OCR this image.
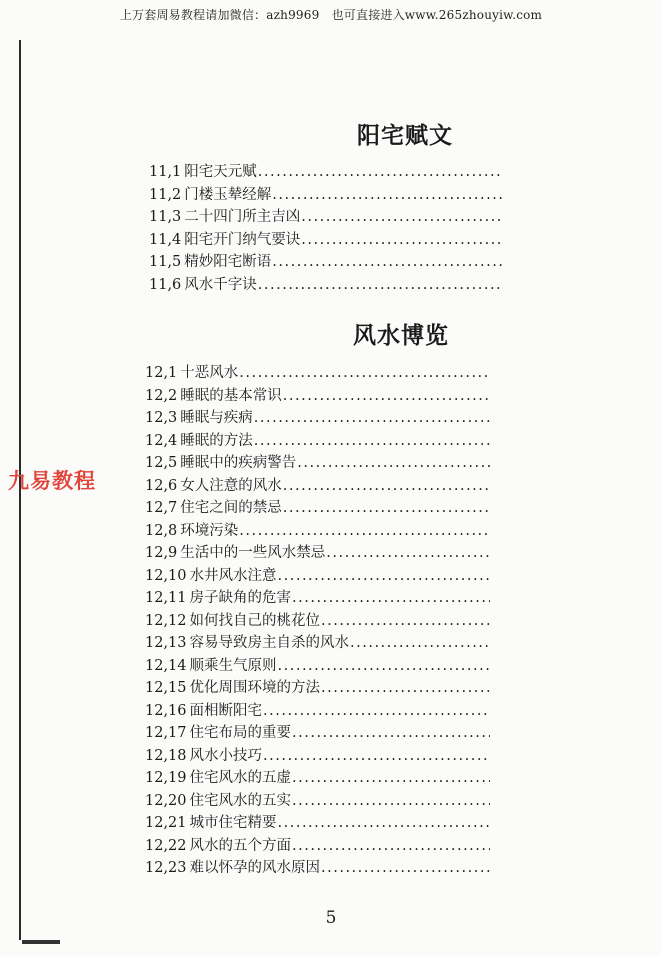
上万套周易教程请加微信：azh9969　也可直接进入www.265zhouyiw.com
九易教程
阳宅赋文
11,1 阳宅天元赋
.....
11,2 门楼玉辇经解
.....
11,3 二十四门所主吉凶
.....
11,4 阳宅开门纳气要诀
.....
11,5 精妙阳宅断语
.....
11,6 风水千字诀
.....
风水博览
12,1 十恶风水
.....
12,2 睡眠的基本常识
.....
12,3 睡眠与疾病
.....
12,4 睡眠的方法
.....
12,5 睡眠中的疾病警告
.....
12,6 女人注意的风水
.....
12,7 住宅之间的禁忌
.....
12,8 环境污染
.....
12,9 生活中的一些风水禁忌
.....
12,10 水井风水注意
.....
12,11 房子缺角的危害
.....
12,12 如何找自己的桃花位
.....
12,13 容易导致房主自杀的风水
.....
12,14 顺乘生气原则
.....
12,15 优化周围环境的方法
.....
12,16 面相断阳宅
.....
12,17 住宅布局的重要
.....
12,18 风水小技巧
.....
12,19 住宅风水的五虚
.....
12,20 住宅风水的五实
.....
12,21 城市住宅精要
.....
12,22 风水的五个方面
.....
12,23 难以怀孕的风水原因
.....
5
